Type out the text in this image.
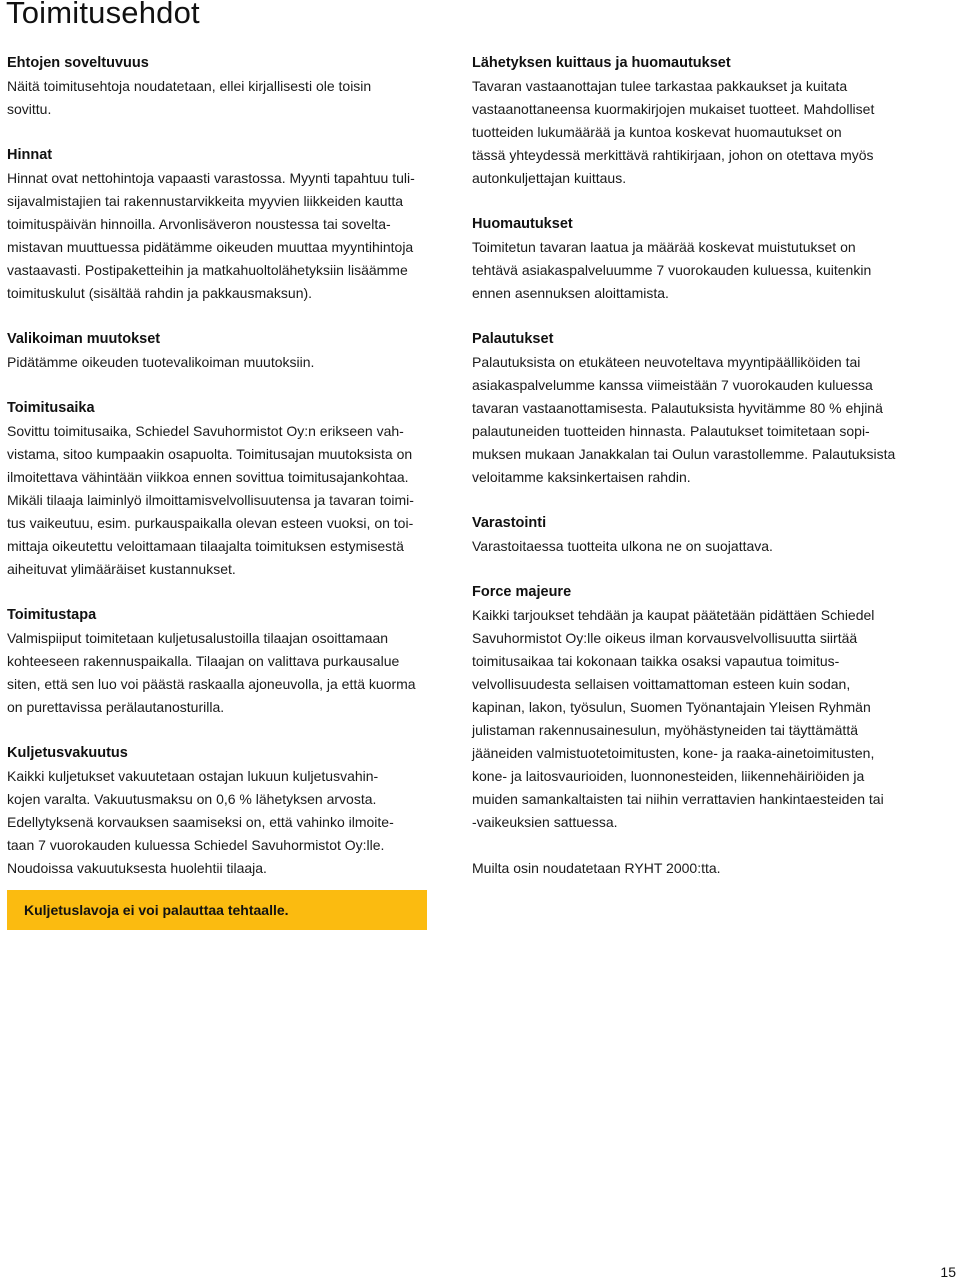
Toimitusehdot
Ehtojen soveltuvuus

Näitä toimitusehtoja noudatetaan, ellei kirjallisesti ole toisin
sovittu.

Hinnat

Hinnat ovat nettohintoja vapaasti varastossa. Myynti tapahtuu tuli-
sijavalmistajien tai rakennustarvikkeita myyvien liikkeiden kautta
toimituspäivän hinnoilla. Arvonlisäveron noustessa tai sovelta-
mistavan muuttuessa pidätämme oikeuden muuttaa myyntihintoja
vastaavasti. Postipaketteihin ja matkahuoltolähetyksiin lisäämme
toimituskulut (sisältää rahdin ja pakkausmaksun).

Valikoiman muutokset

Pidätämme oikeuden tuotevalikoiman muutoksiin.

Toimitusaika

Sovittu toimitusaika, Schiedel Savuhormistot Oy:n erikseen vah-
vistama, sitoo kumpaakin osapuolta. Toimitusajan muutoksista on
ilmoitettava vähintään viikkoa ennen sovittua toimitusajankohtaa.
Mikäli tilaaja laiminlyö ilmoittamisvelvollisuutensa ja tavaran toimi-
tus vaikeutuu, esim. purkauspaikalla olevan esteen vuoksi, on toi-
mittaja oikeutettu veloittamaan tilaajalta toimituksen estymisestä
aiheituvat ylimääräiset kustannukset.

Toimitustapa

Valmispiiput toimitetaan kuljetusalustoilla tilaajan osoittamaan
kohteeseen rakennuspaikalla. Tilaajan on valittava purkausalue
siten, että sen luo voi päästä raskaalla ajoneuvolla, ja että kuorma
on purettavissa perälautanosturilla.

Kuljetusvakuutus

Kaikki kuljetukset vakuutetaan ostajan lukuun kuljetusvahin-
kojen varalta. Vakuutusmaksu on 0,6 % lähetyksen arvosta.
Edellytyksenä korvauksen saamiseksi on, että vahinko ilmoite-
taan 7 vuorokauden kuluessa Schiedel Savuhormistot Oy:lle.
Noudoissa vakuutuksesta huolehtii tilaaja.

Lähetyksen kuittaus ja huomautukset

Tavaran vastaanottajan tulee tarkastaa pakkaukset ja kuitata
vastaanottaneensa kuormakirjojen mukaiset tuotteet. Mahdolliset
tuotteiden lukumäärää ja kuntoa koskevat huomautukset on
tässä yhteydessä merkittävä rahtikirjaan, johon on otettava myös
autonkuljettajan kuittaus.

Huomautukset

Toimitetun tavaran laatua ja määrää koskevat muistutukset on
tehtävä asiakaspalveluumme 7 vuorokauden kuluessa, kuitenkin
ennen asennuksen aloittamista.

Palautukset

Palautuksista on etukäteen neuvoteltava myyntipäälliköiden tai
asiakaspalvelumme kanssa viimeistään 7 vuorokauden kuluessa
tavaran vastaanottamisesta. Palautuksista hyvitämme 80 % ehjinä
palautuneiden tuotteiden hinnasta. Palautukset toimitetaan sopi-
muksen mukaan Janakkalan tai Oulun varastollemme. Palautuksista
veloitamme kaksinkertaisen rahdin.

Varastointi

Varastoitaessa tuotteita ulkona ne on suojattava.

Force majeure

Kaikki tarjoukset tehdään ja kaupat päätetään pidättäen Schiedel
Savuhormistot Oy:lle oikeus ilman korvausvelvollisuutta siirtää
toimitusaikaa tai kokonaan taikka osaksi vapautua toimitus-
velvollisuudesta sellaisen voittamattoman esteen kuin sodan,
kapinan, lakon, työsulun, Suomen Työnantajain Yleisen Ryhmän
julistaman rakennusainesulun, myöhästyneiden tai täyttämättä
jääneiden valmistuotetoimitusten, kone- ja raaka-ainetoimitusten,
kone- ja laitosvaurioiden, luonnonesteiden, liikennehäiriöiden ja
muiden samankaltaisten tai niihin verrattavien hankintaesteiden tai
-vaikeuksien sattuessa.

Muilta osin noudatetaan RYHT 2000:tta.

Kuljetuslavoja ei voi palauttaa tehtaalle.
15
